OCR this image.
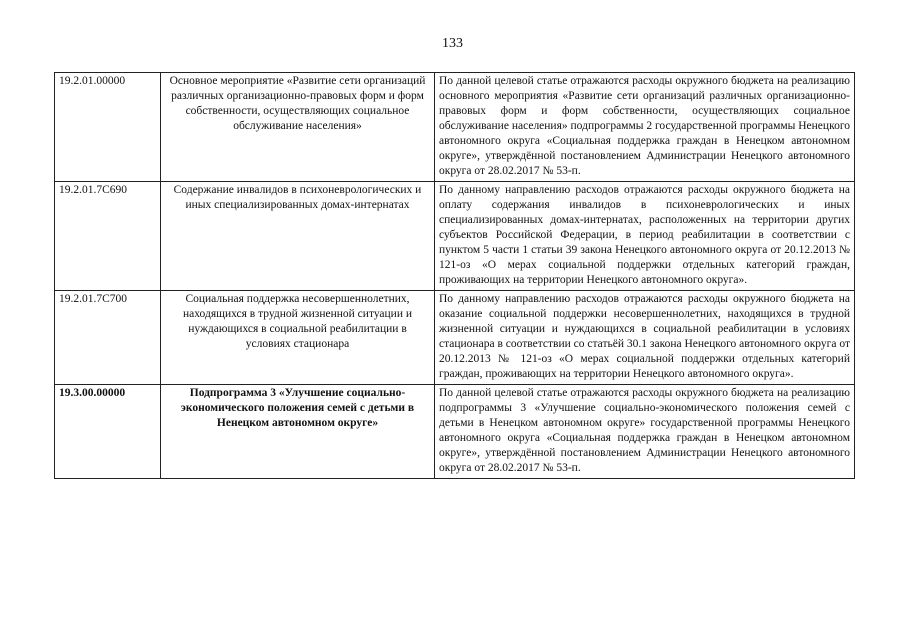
133
19.2.01.00000	Основное мероприятие «Развитие сети организаций различных организационно-правовых форм и форм собственности, осуществляющих социальное обслуживание населения»	По данной целевой статье отражаются расходы окружного бюджета на реализацию основного мероприятия «Развитие сети организаций различных организационно-правовых форм и форм собственности, осуществляющих социальное обслуживание населения» подпрограммы 2 государственной программы Ненецкого автономного округа «Социальная поддержка граждан в Ненецком автономном округе», утверждённой постановлением Администрации Ненецкого автономного округа от 28.02.2017 № 53-п.
19.2.01.7С690	Содержание инвалидов в психоневрологических и иных специализированных домах-интернатах	По данному направлению расходов отражаются расходы окружного бюджета на оплату содержания инвалидов в психоневрологических и иных специализированных домах-интернатах, расположенных на территории других субъектов Российской Федерации, в период реабилитации в соответствии с пунктом 5 части 1 статьи 39 закона Ненецкого автономного округа от 20.12.2013 № 121-оз «О мерах социальной поддержки отдельных категорий граждан, проживающих на территории Ненецкого автономного округа».
19.2.01.7С700	Социальная поддержка несовершеннолетних, находящихся в трудной жизненной ситуации и нуждающихся в социальной реабилитации в условиях стационара	По данному направлению расходов отражаются расходы окружного бюджета на оказание социальной поддержки несовершеннолетних, находящихся в трудной жизненной ситуации и нуждающихся в социальной реабилитации в условиях стационара в соответствии со статьёй 30.1 закона Ненецкого автономного округа от 20.12.2013 № 121-оз «О мерах социальной поддержки отдельных категорий граждан, проживающих на территории Ненецкого автономного округа».
19.3.00.00000	Подпрограмма 3 «Улучшение социально-экономического положения семей с детьми в Ненецком автономном округе»	По данной целевой статье отражаются расходы окружного бюджета на реализацию подпрограммы 3 «Улучшение социально-экономического положения семей с детьми в Ненецком автономном округе» государственной программы Ненецкого автономного округа «Социальная поддержка граждан в Ненецком автономном округе», утверждённой постановлением Администрации Ненецкого автономного округа от 28.02.2017 № 53-п.
